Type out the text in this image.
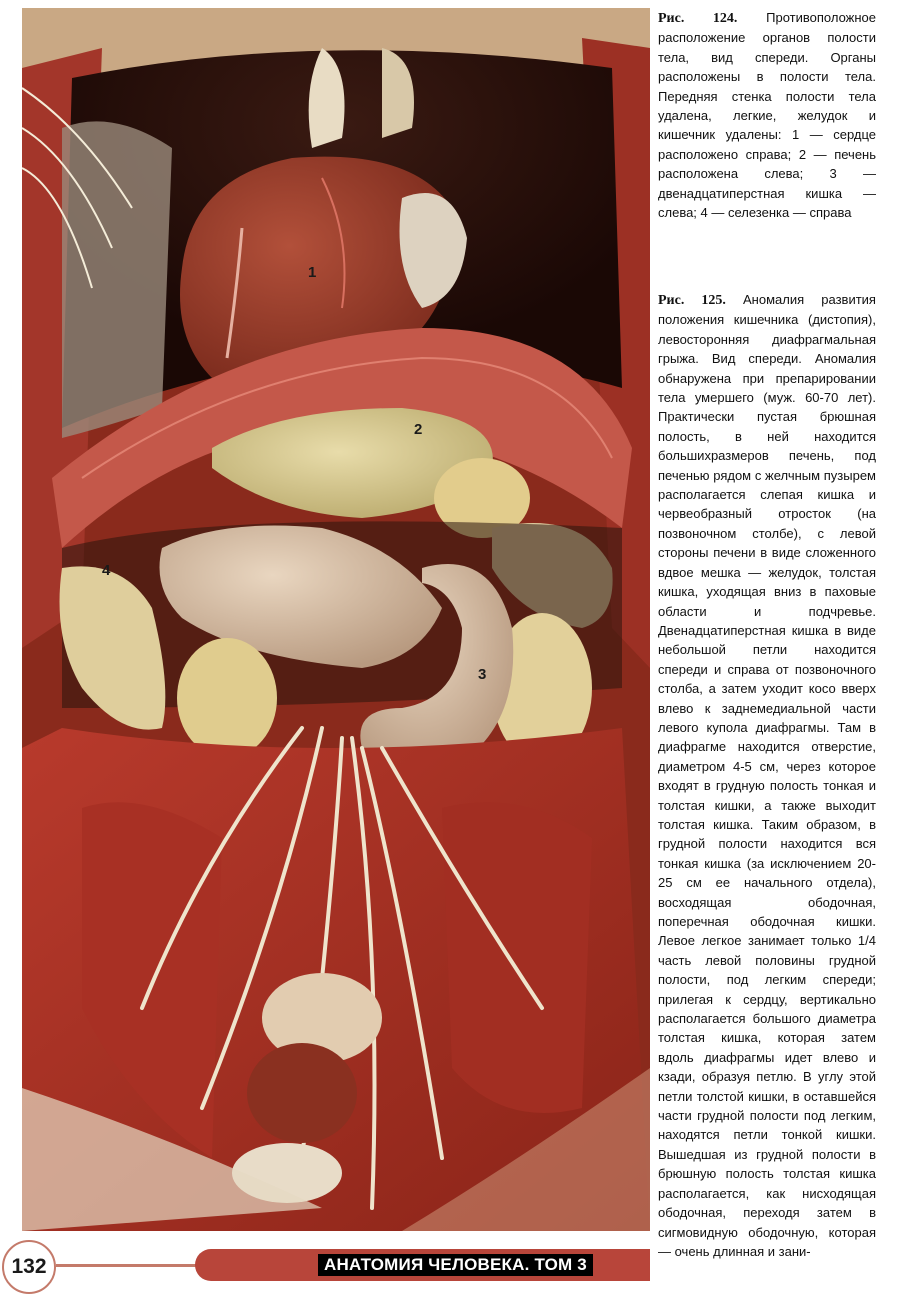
1
2
3
4
Рис. 124. Противоположное расположение органов полости тела, вид спереди. Органы расположены в полости тела. Передняя стенка полости тела удалена, легкие, желудок и кишечник удалены: 1 — сердце расположено справа; 2 — печень расположена слева; 3 — двенадцатиперстная кишка — слева; 4 — селезенка — справа
Рис. 125. Аномалия развития положения кишечника (дистопия), левосторонняя диафрагмальная грыжа. Вид спереди. Аномалия обнаружена при препарировании тела умершего (муж. 60-70 лет). Практически пустая брюшная полость, в ней находится большихразмеров печень, под печенью рядом с желчным пузырем располагается слепая кишка и червеобразный отросток (на позвоночном столбе), с левой стороны печени в виде сложенного вдвое мешка — желудок, толстая кишка, уходящая вниз в паховые области и подчревье. Двенадцатиперстная кишка в виде небольшой петли находится спереди и справа от позвоночного столба, а затем уходит косо вверх влево к заднемедиальной части левого купола диафрагмы. Там в диафрагме находится отверстие, диаметром 4-5 см, через которое входят в грудную полость тонкая и толстая кишки, а также выходит толстая кишка. Таким образом, в грудной полости находится вся тонкая кишка (за исключением 20-25 см ее начального отдела), восходящая ободочная, поперечная ободочная кишки. Левое легкое занимает только 1/4 часть левой половины грудной полости, под легким спереди; прилегая к сердцу, вертикально располагается большого диаметра толстая кишка, которая затем вдоль диафрагмы идет влево и кзади, образуя петлю. В углу этой петли толстой кишки, в оставшейся части грудной полости под легким, находятся петли тонкой кишки. Вышедшая из грудной полости в брюшную полость толстая кишка располагается, как нисходящая ободочная, переходя затем в сигмовидную ободочную, которая — очень длинная и зани-
132	АНАТОМИЯ ЧЕЛОВЕКА. ТОМ 3
